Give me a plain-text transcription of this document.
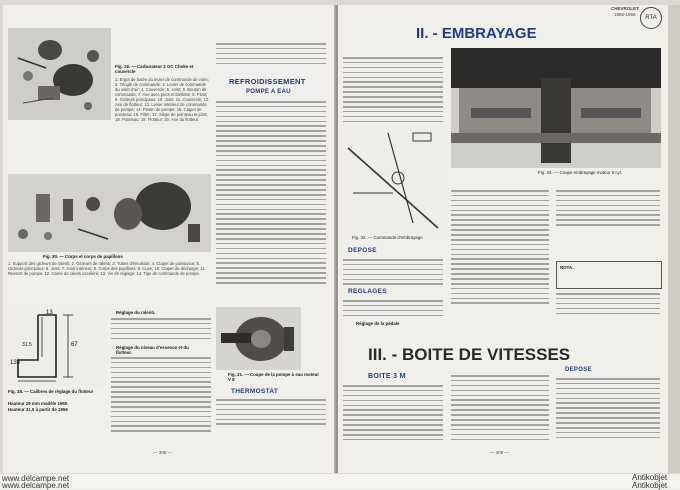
Fig. 29. — Carburateur 2 GC Choke et couvercle
1. Ergot de butée du levier de commande de volet; 2. Tringle de commande; 3. Levier de commande du volet d'air; 4. Couvercle; 5. Joint; 6. Bouton de commande; 7. Axe avec pivot et biellette; 8. Pivot; 9. Gicleurs principaux; 10. Joint; 11. Couvercle; 12. Axe de flotteur; 13. Levier intérieur de commande de pompe; 14. Piston de pompe; 15. Clapet de pointeau; 16. Filtre; 17. Siège de pointeau et joint; 18. Pointeau; 19. Flotteur; 20. Axe du flotteur.
REFROIDISSEMENT
POMPE A EAU
Fig. 30. — Corps et corps de papillons
1. Support des gicleurs de ralenti; 2. Gicleurs de ralenti; 3. Tubes d'émulsion; 4. Clapet de puissance; 5. Gicleurs principaux; 6. Joint; 7. Joint intérieur; 8. Corps des papillons; 9. Cuve; 10. Clapet de décharge; 11. Ressort de pompe; 12. Came de ralenti accéléré; 13. Vis de réglage; 14. Tige de commande de pompe.
13
67
31.5
135
Fig. 28. — Calibres de réglage du flotteur
Hauteur 29 mm modèle 1955
Hauteur 31,5 à partir de 1956
Réglage du ralenti.
Réglage du niveau d'essence et du flotteur.
Fig. 31. — Coupe de la pompe à eau moteur V 8
THERMOSTAT
— 308 —
CHEVROLET
1955-1956
RTA
II. - EMBRAYAGE
Fig. 33. — Coupe embrayage moteur 6 cyl.
Fig. 32. — Commande d'embrayage
DEPOSE
REGLAGES
Réglage de la pédale
NOTA.
III. - BOITE DE VITESSES
BOITE 3 M
DEPOSE
— 309 —
www.delcampe.net
www.delcampe.net
Antikobjet
Antikobjet
